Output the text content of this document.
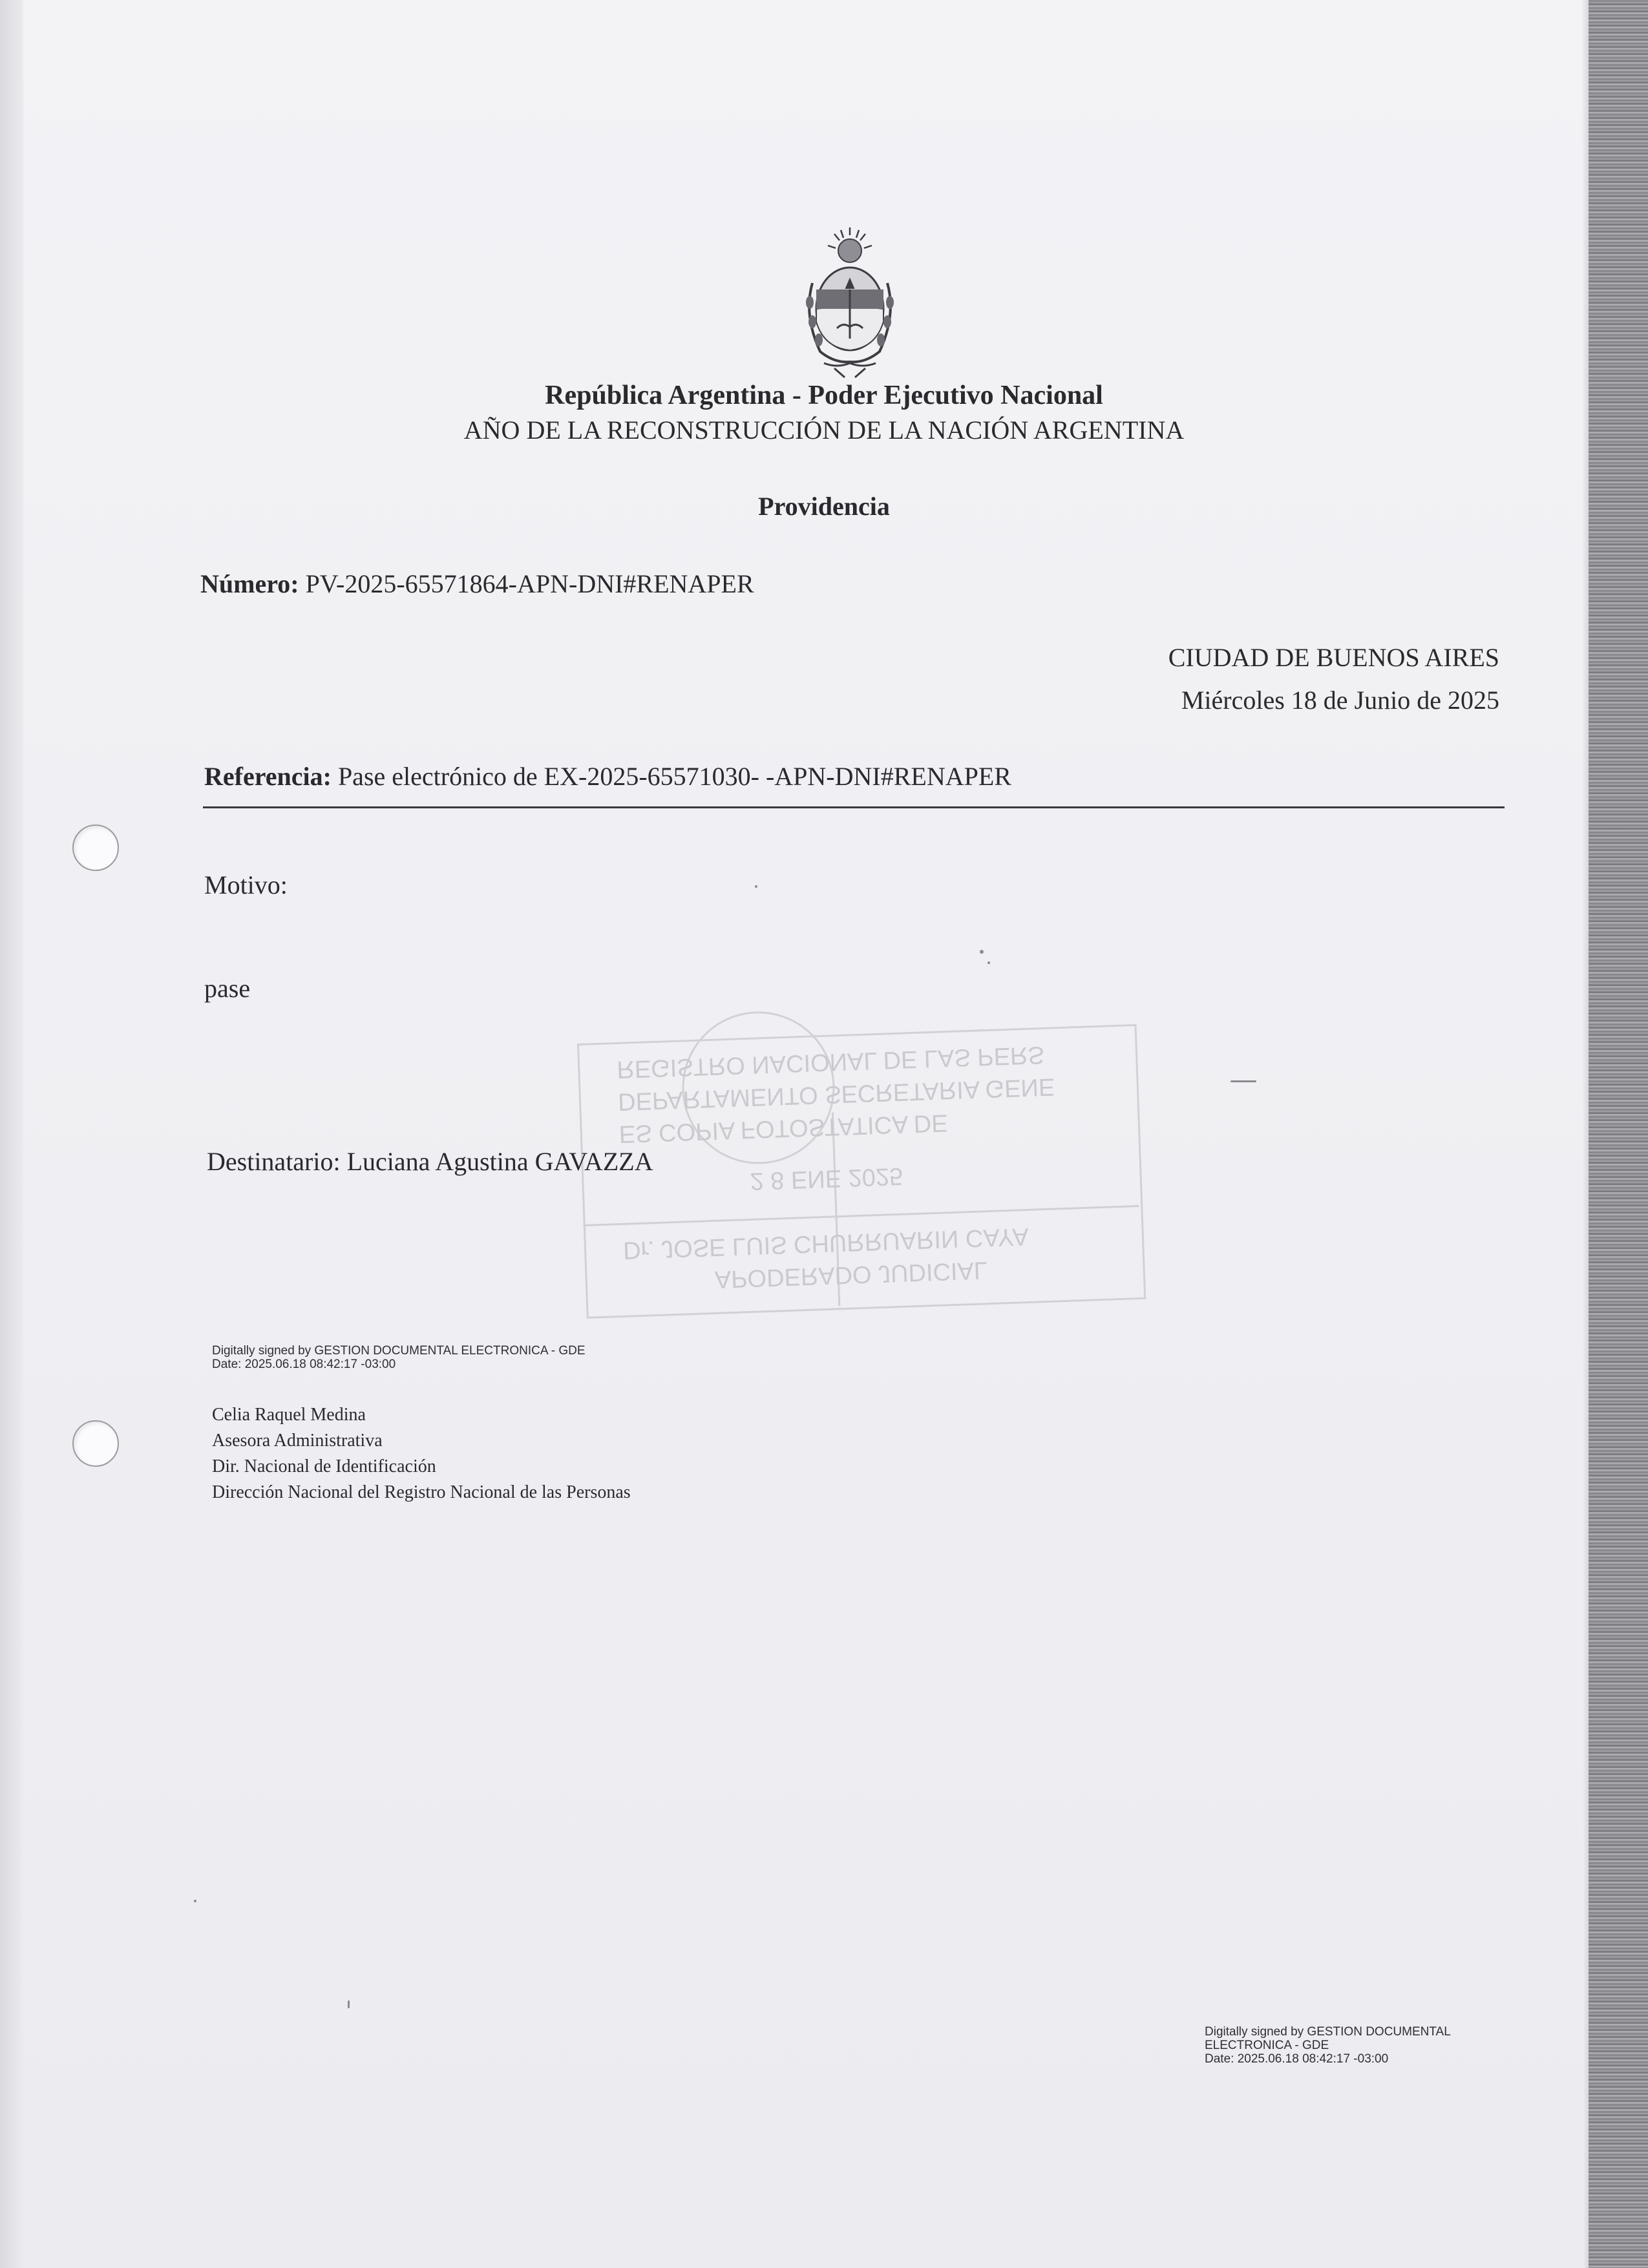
República Argentina - Poder Ejecutivo Nacional
AÑO DE LA RECONSTRUCCIÓN DE LA NACIÓN ARGENTINA
Providencia
Número: PV-2025-65571864-APN-DNI#RENAPER
CIUDAD DE BUENOS AIRES
Miércoles 18 de Junio de 2025
Referencia: Pase electrónico de EX-2025-65571030- -APN-DNI#RENAPER
Motivo:
pase
REGISTRO NACIONAL DE LAS PERS
DEPARTAMENTO SECRETARIA GENE
ES COPIA FOTOSTATICA DE
2 8 ENE 2025
Dr. JOSE LUIS CHURRUARIN CAYA
APODERADO JUDICIAL
Destinatario: Luciana Agustina GAVAZZA
Digitally signed by GESTION DOCUMENTAL ELECTRONICA - GDE
Date: 2025.06.18 08:42:17 -03:00
Celia Raquel Medina
Asesora Administrativa
Dir. Nacional de Identificación
Dirección Nacional del Registro Nacional de las Personas
Digitally signed by GESTION DOCUMENTAL
ELECTRONICA - GDE
Date: 2025.06.18 08:42:17 -03:00
